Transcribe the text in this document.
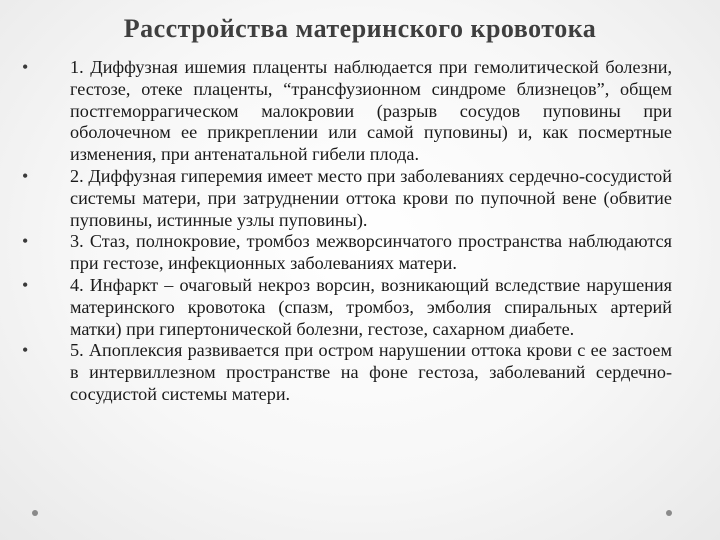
Расстройства материнского кровотока
• 1. Диффузная ишемия плаценты наблюдается при гемолитической болезни, гестозе, отеке плаценты, “трансфузионном синдроме близнецов”, общем постгеморрагическом малокровии (разрыв сосудов пуповины при оболочечном ее прикреплении или самой пуповины) и, как посмертные изменения, при антенатальной гибели плода.
• 2. Диффузная гиперемия имеет место при заболеваниях сердечно-сосудистой системы матери, при затруднении оттока крови по пупочной вене (обвитие пуповины, истинные узлы пуповины).
• 3. Стаз, полнокровие, тромбоз межворсинчатого пространства наблюдаются при гестозе, инфекционных заболеваниях матери.
• 4. Инфаркт – очаговый некроз ворсин, возникающий вследствие нарушения материнского кровотока (спазм, тромбоз, эмболия спиральных артерий матки) при гипертонической болезни, гестозе, сахарном диабете.
• 5. Апоплексия развивается при остром нарушении оттока крови с ее застоем в интервиллезном пространстве на фоне гестоза, заболеваний сердечно-сосудистой системы матери.
